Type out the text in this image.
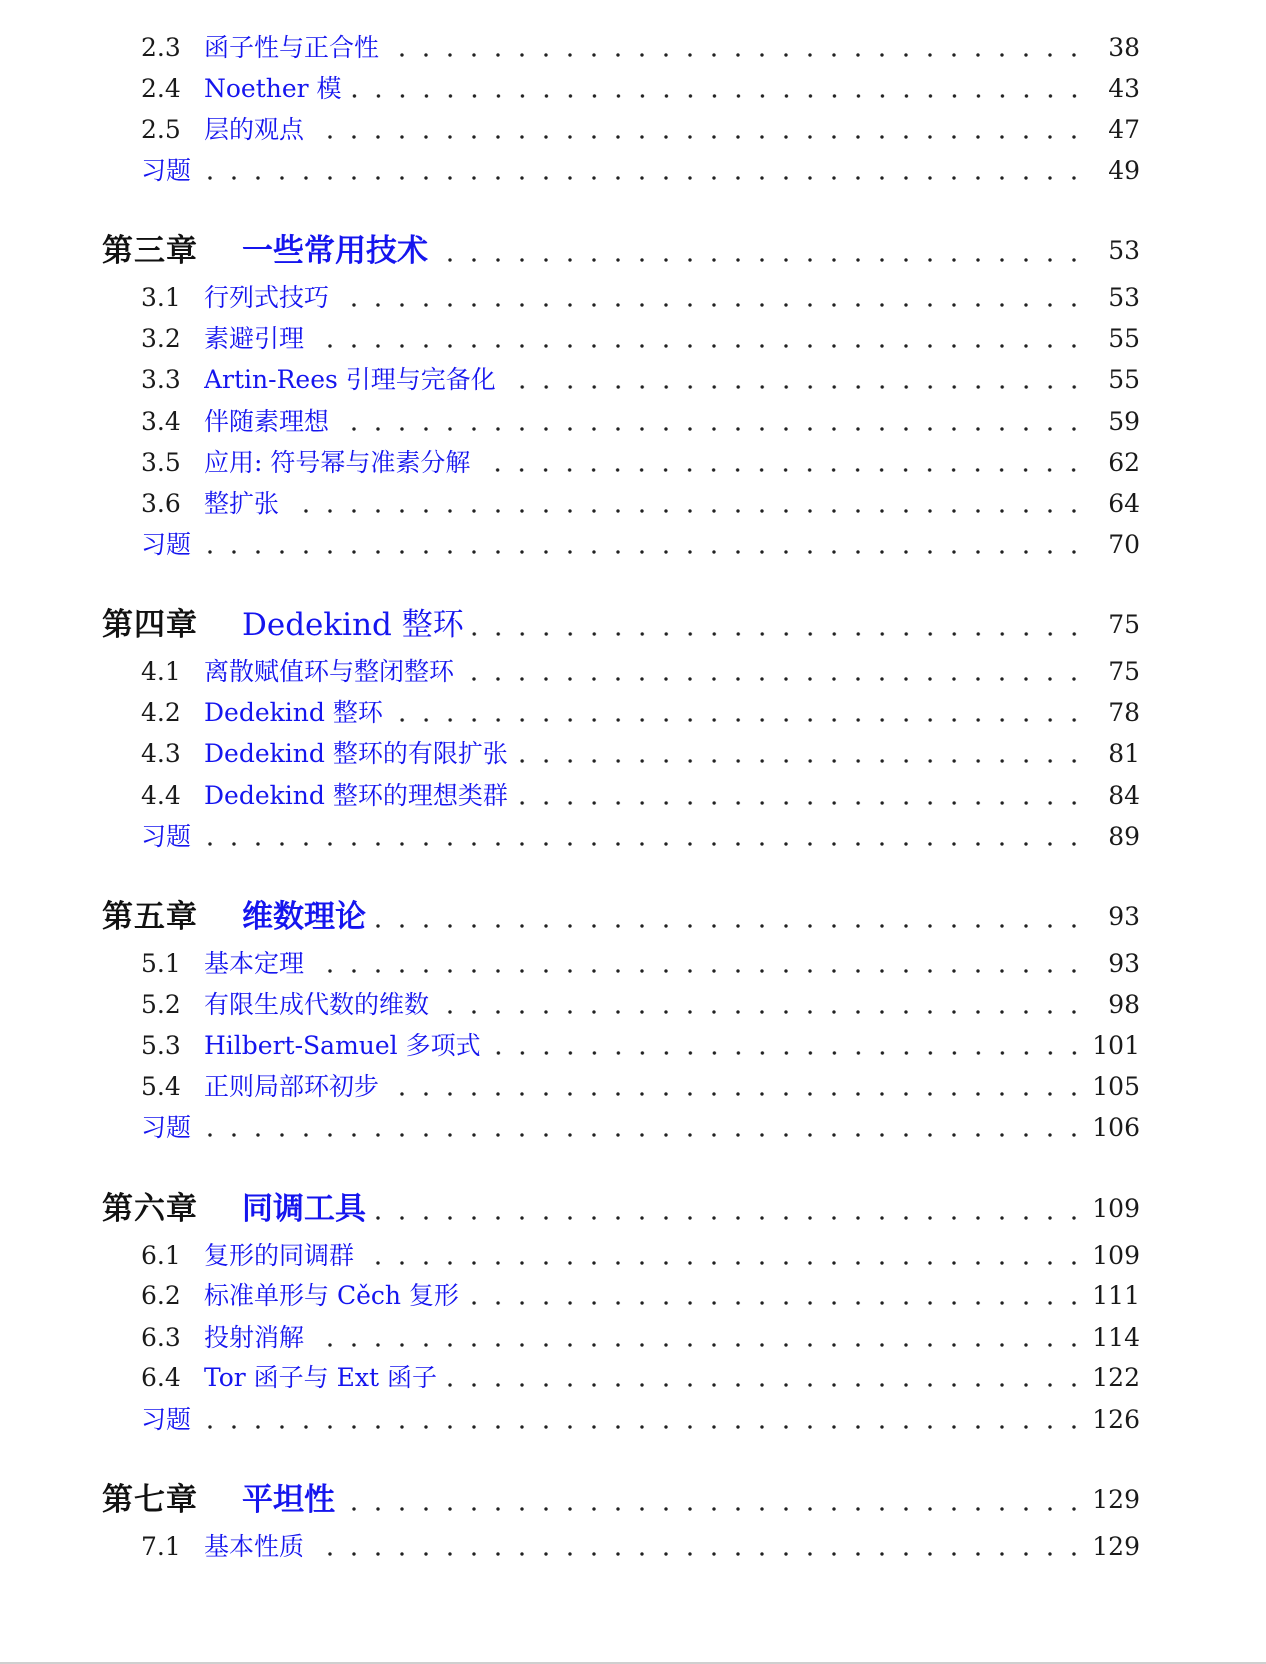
2.3 函子性与正合性	38
2.4 Noether 模	43
2.5 层的观点	47
习题	49
第三章 一些常用技术	53
3.1 行列式技巧	53
3.2 素避引理	55
3.3 Artin-Rees 引理与完备化	55
3.4 伴随素理想	59
3.5 应用: 符号幂与准素分解	62
3.6 整扩张	64
习题	70
第四章 Dedekind 整环	75
4.1 离散赋值环与整闭整环	75
4.2 Dedekind 整环	78
4.3 Dedekind 整环的有限扩张	81
4.4 Dedekind 整环的理想类群	84
习题	89
第五章 维数理论	93
5.1 基本定理	93
5.2 有限生成代数的维数	98
5.3 Hilbert-Samuel 多项式	101
5.4 正则局部环初步	105
习题	106
第六章 同调工具	109
6.1 复形的同调群	109
6.2 标准单形与 Cěch 复形	111
6.3 投射消解	114
6.4 Tor 函子与 Ext 函子	122
习题	126
第七章 平坦性	129
7.1 基本性质	129
